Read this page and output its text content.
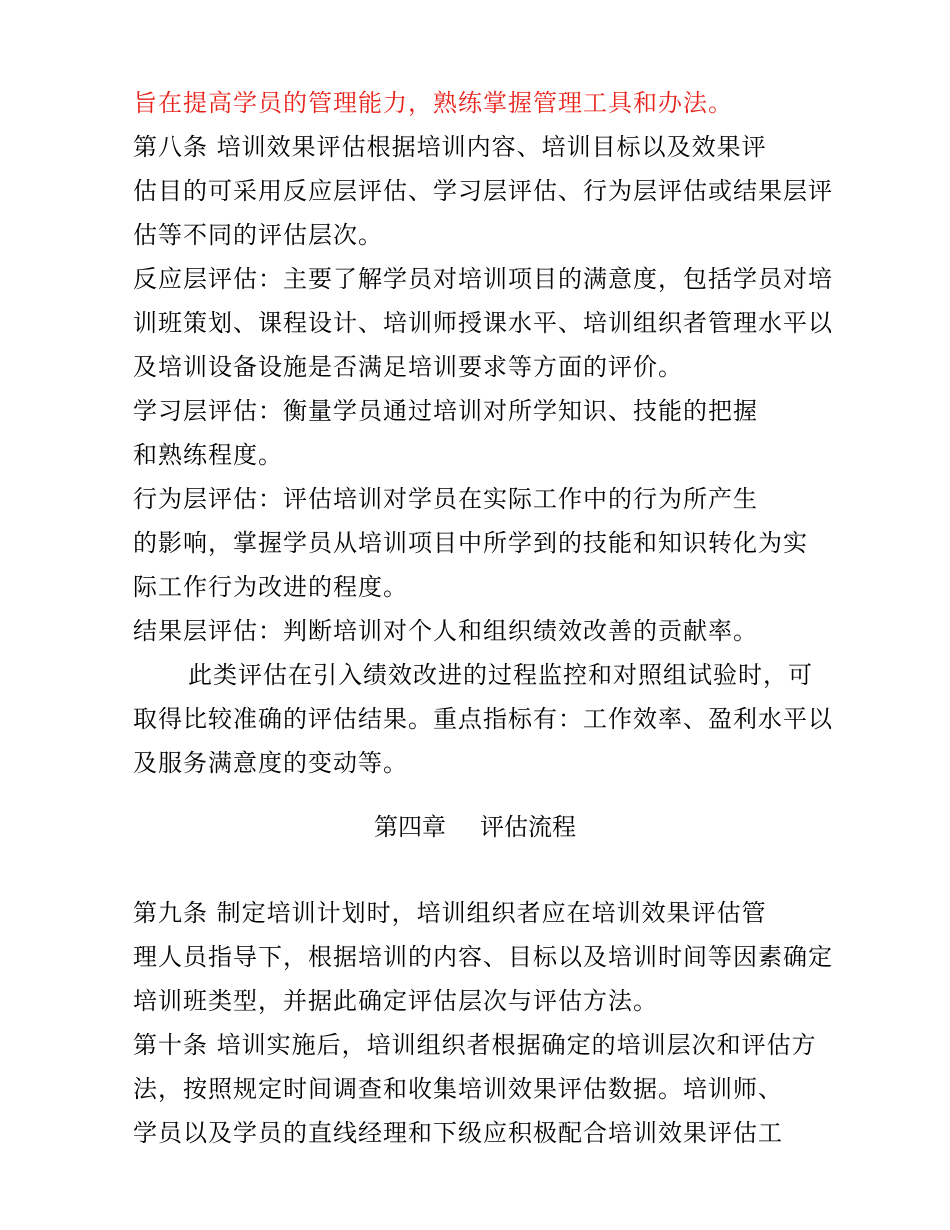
旨在提高学员的管理能力，熟练掌握管理工具和办法。
第八条 培训效果评估根据培训内容、培训目标以及效果评
估目的可采用反应层评估、学习层评估、行为层评估或结果层评
估等不同的评估层次。
反应层评估：主要了解学员对培训项目的满意度，包括学员对培
训班策划、课程设计、培训师授课水平、培训组织者管理水平以
及培训设备设施是否满足培训要求等方面的评价。
学习层评估：衡量学员通过培训对所学知识、技能的把握
和熟练程度。
行为层评估：评估培训对学员在实际工作中的行为所产生
的影响，掌握学员从培训项目中所学到的技能和知识转化为实
际工作行为改进的程度。
结果层评估：判断培训对个人和组织绩效改善的贡献率。
此类评估在引入绩效改进的过程监控和对照组试验时，可
取得比较准确的评估结果。重点指标有：工作效率、盈利水平以
及服务满意度的变动等。
第四章 评估流程
第九条 制定培训计划时，培训组织者应在培训效果评估管
理人员指导下，根据培训的内容、目标以及培训时间等因素确定
培训班类型，并据此确定评估层次与评估方法。
第十条 培训实施后，培训组织者根据确定的培训层次和评估方
法，按照规定时间调查和收集培训效果评估数据。培训师、
学员以及学员的直线经理和下级应积极配合培训效果评估工
